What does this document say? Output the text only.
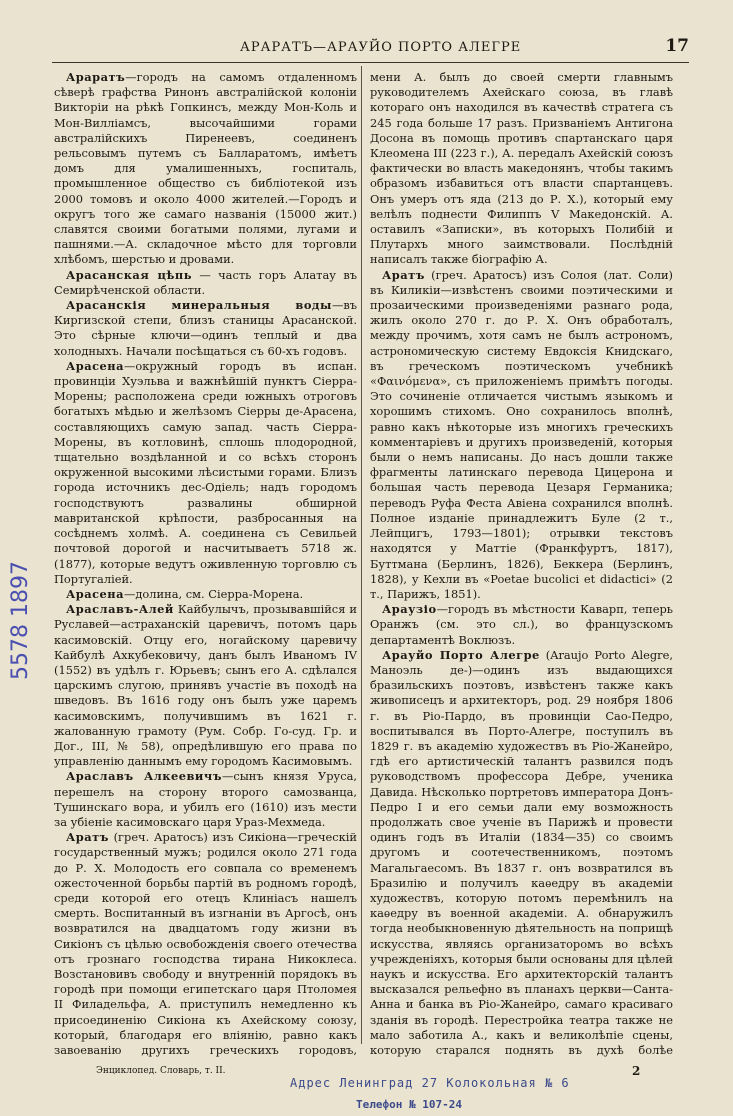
АРАРАТЪ—АРАУЙО ПОРТО АЛЕГРЕ	17

Араратъ—городъ на самомъ отдаленномъ сѣверѣ графства Ринонъ австралійской колоніи Викторіи на рѣкѣ Гопкинсъ, между Мон-Коль и Мон-Вилліамсъ, высочайшими горами австралійскихъ Пиренеевъ, соединенъ рельсовымъ путемъ съ Балларатомъ, имѣетъ домъ для умалишенныхъ, госпиталь, промышленное общество съ библіотекой изъ 2000 томовъ и около 4000 жителей.—Городъ и округъ того же самаго названія (15000 жит.) славятся своими богатыми полями, лугами и пашнями.—А. складочное мѣсто для торговли хлѣбомъ, шерстью и дровами.

Арасанская цѣпь — часть горъ Алатау въ Семирѣченской области.

Арасанскія минеральныя воды—въ Киргизской степи, близъ станицы Арасанской. Это сѣрные ключи—одинъ теплый и два холодныхъ. Начали посѣщаться съ 60-хъ годовъ.

Арасена—окружный городъ въ испан. провинціи Хуэльва и важнѣйшій пунктъ Сіерра-Морены; расположена среди южныхъ отроговъ богатыхъ мѣдью и желѣзомъ Сіерры де-Арасена, составляющихъ самую запад. часть Сіерра-Морены, въ котловинѣ, сплошь плодородной, тщательно воздѣланной и со всѣхъ сторонъ окруженной высокими лѣсистыми горами. Близъ города источникъ дес-Одіель; надъ городомъ господствуютъ развалины обширной мавританской крѣпости, разбросанныя на сосѣднемъ холмѣ. А. соединена съ Севильей почтовой дорогой и насчитываетъ 5718 ж. (1877), которые ведутъ оживленную торговлю съ Португаліей.

Арасена—долина, см. Сіерра-Морена.

Араславъ-Алей Кайбулычъ, прозывавшійся и Руславей—астраханскій царевичъ, потомъ царь касимовскій. Отцу его, ногайскому царевичу Кайбулѣ Ахкубековичу, данъ былъ Иваномъ IV (1552) въ удѣлъ г. Юрьевъ; сынъ его А. сдѣлался царскимъ слугою, принявъ участіе въ походѣ на шведовъ. Въ 1616 году онъ былъ уже царемъ касимовскимъ, получившимъ въ 1621 г. жалованную грамоту (Рум. Собр. Го-суд. Гр. и Дог., III, № 58), опредѣлившую его права по управленію даннымъ ему городомъ Касимовымъ.

Араславъ Алкеевичъ—сынъ князя Уруса, перешелъ на сторону второго самозванца, Тушинскаго вора, и убилъ его (1610) изъ мести за убіеніе касимовскаго царя Ураз-Мехмеда.

Аратъ (греч. Аратосъ) изъ Сикіона—греческій государственный мужъ; родился около 271 года до Р. Х. Молодость его совпала со временемъ ожесточенной борьбы партій въ родномъ городѣ, среди которой его отецъ Клиніасъ нашелъ смерть. Воспитанный въ изгнаніи въ Аргосѣ, онъ возвратился на двадцатомъ году жизни въ Сикіонъ съ цѣлью освобожденія своего отечества отъ грознаго господства тирана Никоклеса. Возстановивъ свободу и внутренній порядокъ въ городѣ при помощи египетскаго царя Птоломея II Филадельфа, А. приступилъ немедленно къ присоединенію Сикіона къ Ахейскому союзу, который, благодаря его вліянію, равно какъ завоеванію другихъ греческихъ городовъ,

мени А. былъ до своей смерти главнымъ руководителемъ Ахейскаго союза, въ главѣ котораго онъ находился въ качествѣ стратега съ 245 года больше 17 разъ. Призваніемъ Антигона Досона въ помощь противъ спартанскаго царя Клеомена III (223 г.), А. передалъ Ахейскій союзъ фактически во власть македонянъ, чтобы такимъ образомъ избавиться отъ власти спартанцевъ. Онъ умеръ отъ яда (213 до Р. Х.), который ему велѣлъ поднести Филиппъ V Македонскій. А. оставилъ «Записки», въ которыхъ Полибій и Плутархъ много заимствовали. Послѣдній написалъ также біографію А.

Аратъ (греч. Аратосъ) изъ Солоя (лат. Соли) въ Киликіи—извѣстенъ своими поэтическими и прозаическими произведеніями разнаго рода, жилъ около 270 г. до Р. Х. Онъ обработалъ, между прочимъ, хотя самъ не былъ астрономъ, астрономическую систему Евдоксія Книдскаго, въ греческомъ поэтическомъ учебникѣ «Φαινόμενα», съ приложеніемъ примѣтъ погоды. Это сочиненіе отличается чистымъ языкомъ и хорошимъ стихомъ. Оно сохранилось вполнѣ, равно какъ нѣкоторые изъ многихъ греческихъ комментаріевъ и другихъ произведеній, которыя были о немъ написаны. До насъ дошли также фрагменты латинскаго перевода Цицерона и большая часть перевода Цезаря Германика; переводъ Руфа Феста Авіена сохранился вполнѣ. Полное изданіе принадлежитъ Буле (2 т., Лейпцигъ, 1793—1801); отрывки текстовъ находятся у Маттіе (Франкфуртъ, 1817), Буттмана (Берлинъ, 1826), Беккера (Берлинъ, 1828), у Кехли въ «Poetae bucolici et didactici» (2 т., Парижъ, 1851).

Араузіо—городъ въ мѣстности Каварп, теперь Оранжъ (см. это сл.), во французскомъ департаментѣ Воклюзъ.

Арауйо Порто Алегре (Araujo Porto Alegre, Маноэль де-)—одинъ изъ выдающихся бразильскихъ поэтовъ, извѣстенъ также какъ живописецъ и архитекторъ, род. 29 ноября 1806 г. въ Ріо-Пардо, въ провинціи Сао-Педро, воспитывался въ Порто-Алегре, поступилъ въ 1829 г. въ академію художествъ въ Ріо-Жанейро, гдѣ его артистическій талантъ развился подъ руководствомъ профессора Дебре, ученика Давида. Нѣсколько портретовъ императора Донъ-Педро I и его семьи дали ему возможность продолжать свое ученіе въ Парижѣ и провести одинъ годъ въ Италіи (1834—35) со своимъ другомъ и соотечественникомъ, поэтомъ Магальгаесомъ. Въ 1837 г. онъ возвратился въ Бразилію и получилъ каѳедру въ академіи художествъ, которую потомъ перемѣнилъ на каѳедру въ военной академіи. А. обнаружилъ тогда необыкновенную дѣятельность на поприщѣ искусства, являясь организаторомъ во всѣхъ учрежденіяхъ, которыя были основаны для цѣлей наукъ и искусства. Его архитекторскій талантъ высказался рельефно въ планахъ церкви—Санта-Анна и банка въ Ріо-Жанейро, самаго красиваго зданія въ городѣ. Перестройка театра также не мало заботила А., какъ и великолѣпіе сцены, которую старался поднять въ духѣ болѣе

Энциклопед. Словарь, т. II.	2
Адрес Ленинград 27 Колокольная № 6
Телефон № 107-24
5578 1897
